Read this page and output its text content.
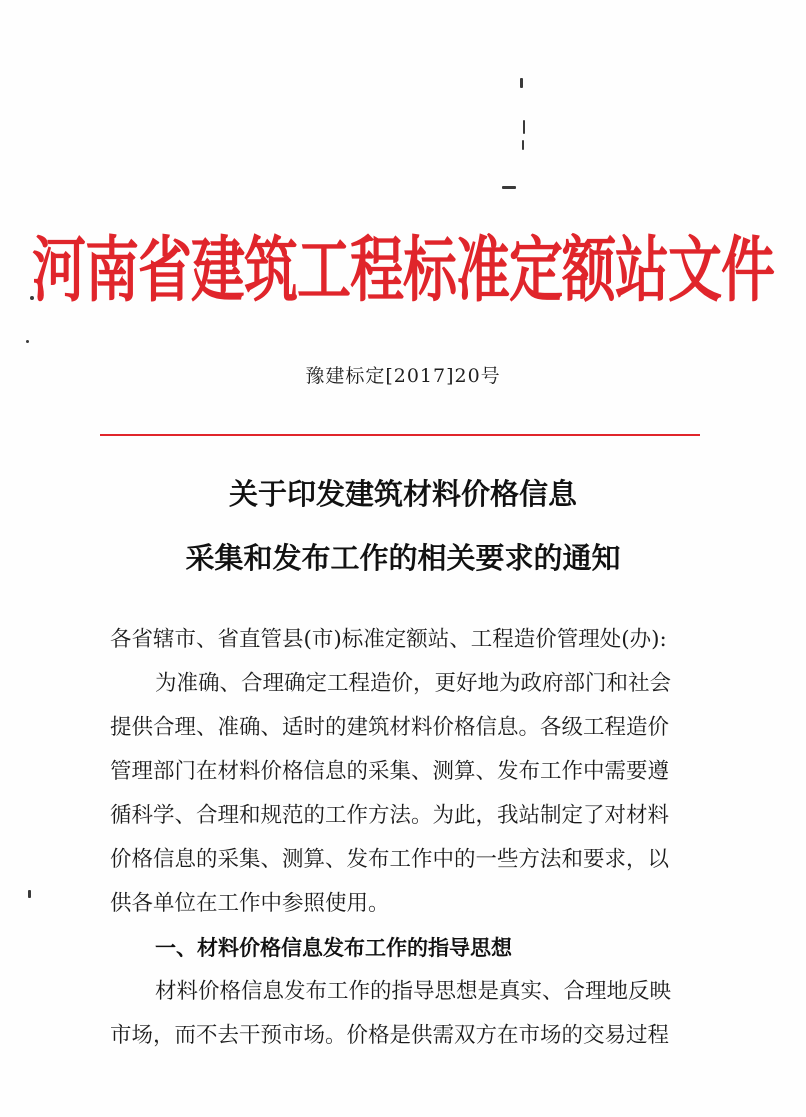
河南省建筑工程标准定额站文件
豫建标定[2017]20号
关于印发建筑材料价格信息
采集和发布工作的相关要求的通知
各省辖市、省直管县(市)标准定额站、工程造价管理处(办):
为准确、合理确定工程造价，更好地为政府部门和社会
提供合理、准确、适时的建筑材料价格信息。各级工程造价
管理部门在材料价格信息的采集、测算、发布工作中需要遵
循科学、合理和规范的工作方法。为此，我站制定了对材料
价格信息的采集、测算、发布工作中的一些方法和要求，以
供各单位在工作中参照使用。
一、材料价格信息发布工作的指导思想
材料价格信息发布工作的指导思想是真实、合理地反映
市场，而不去干预市场。价格是供需双方在市场的交易过程
